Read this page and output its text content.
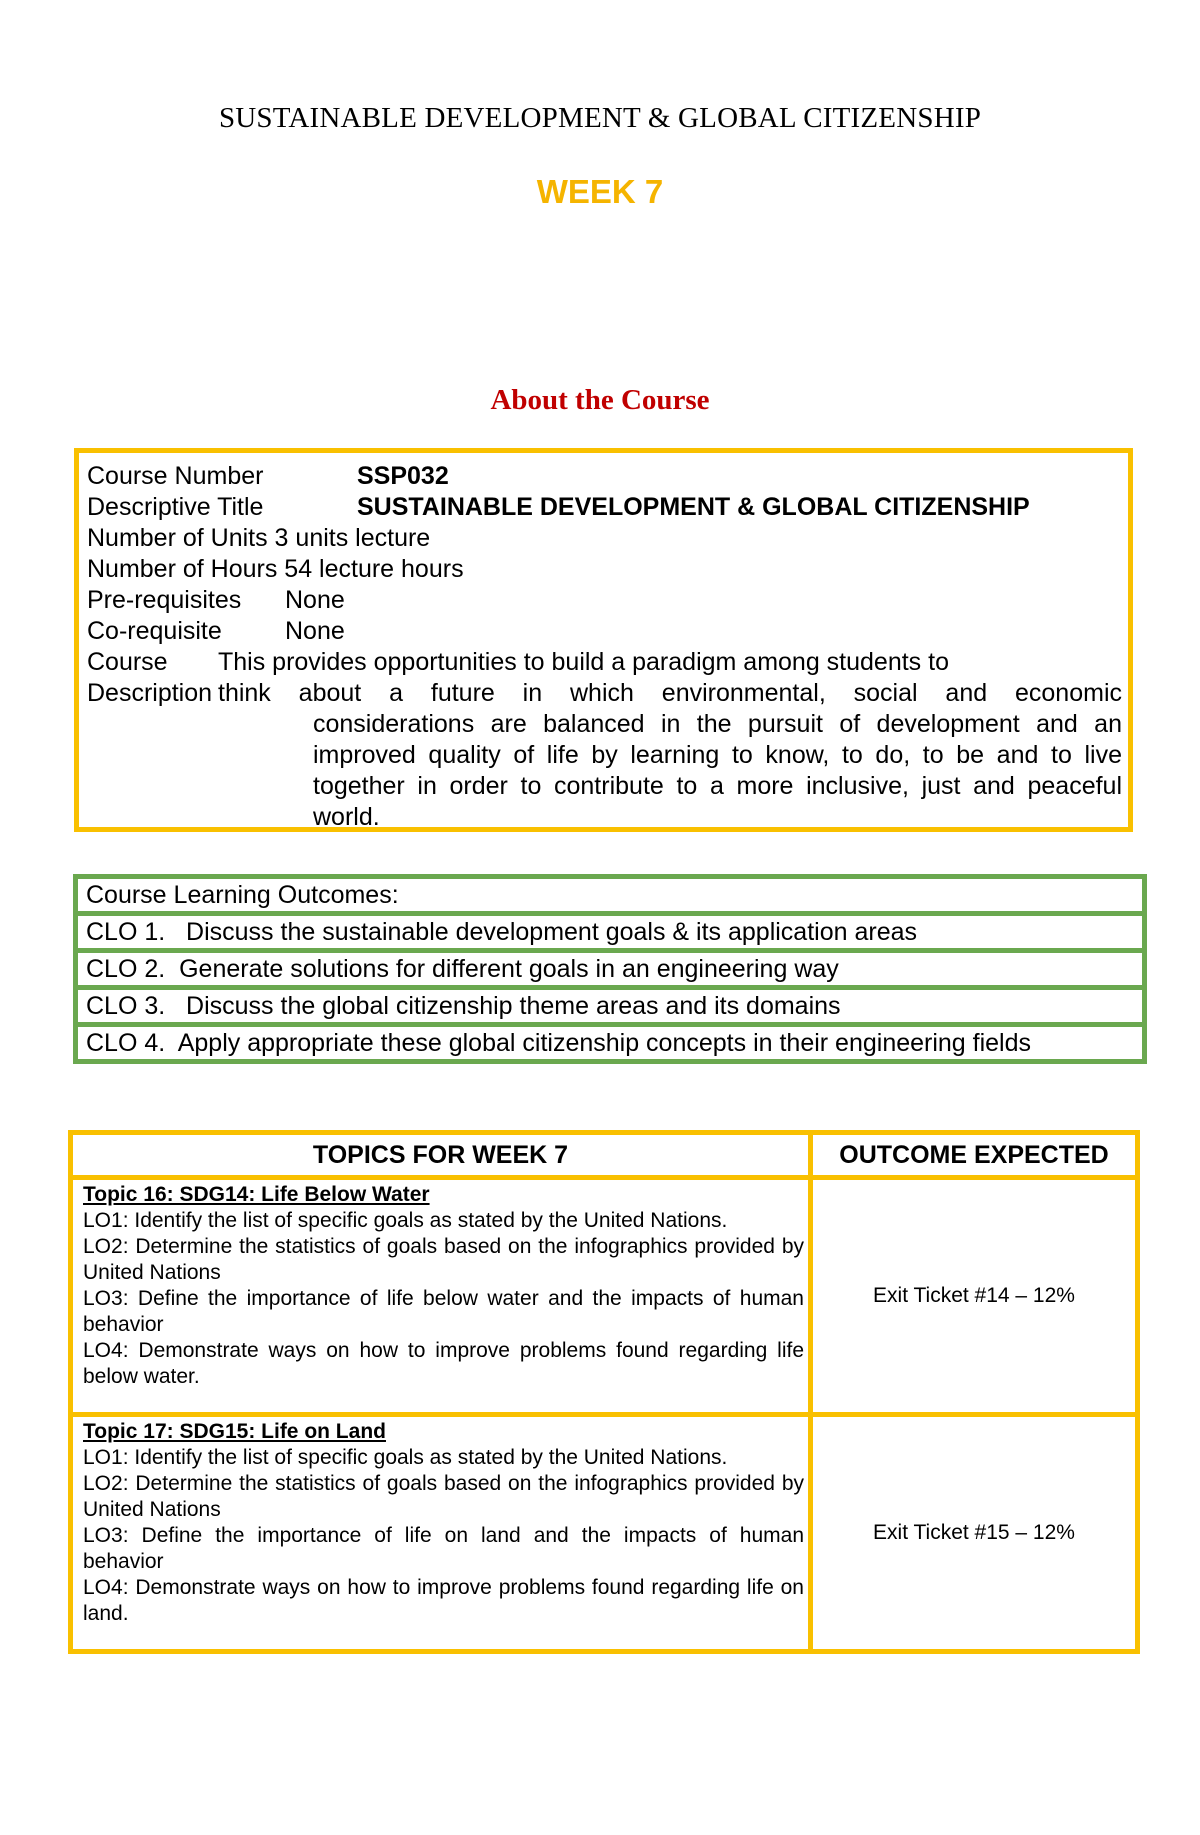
SUSTAINABLE DEVELOPMENT & GLOBAL CITIZENSHIP
WEEK 7
About the Course
Course Number	SSP032
Descriptive Title	SUSTAINABLE DEVELOPMENT & GLOBAL CITIZENSHIP
Number of Units 3 units lecture
Number of Hours 54 lecture hours
Pre-requisites	None
Co-requisite	None
Course	This provides opportunities to build a paradigm among students to
Description think about a future in which environmental, social and economic
considerations are balanced in the pursuit of development and an improved quality of life by learning to know, to do, to be and to live together in order to contribute to a more inclusive, just and peaceful world.
Course Learning Outcomes:
CLO 1.   Discuss the sustainable development goals & its application areas
CLO 2.  Generate solutions for different goals in an engineering way
CLO 3.   Discuss the global citizenship theme areas and its domains
CLO 4.  Apply appropriate these global citizenship concepts in their engineering fields
TOPICS FOR WEEK 7	OUTCOME EXPECTED

Topic 16: SDG14: Life Below Water
LO1: Identify the list of specific goals as stated by the United Nations.
LO2: Determine the statistics of goals based on the infographics provided by United Nations
LO3: Define the importance of life below water and the impacts of human behavior
LO4: Demonstrate ways on how to improve problems found regarding life below water.	Exit Ticket #14 – 12%

Topic 17: SDG15: Life on Land
LO1: Identify the list of specific goals as stated by the United Nations.
LO2: Determine the statistics of goals based on the infographics provided by United Nations
LO3: Define the importance of life on land and the impacts of human behavior
LO4: Demonstrate ways on how to improve problems found regarding life on land.	Exit Ticket #15 – 12%
